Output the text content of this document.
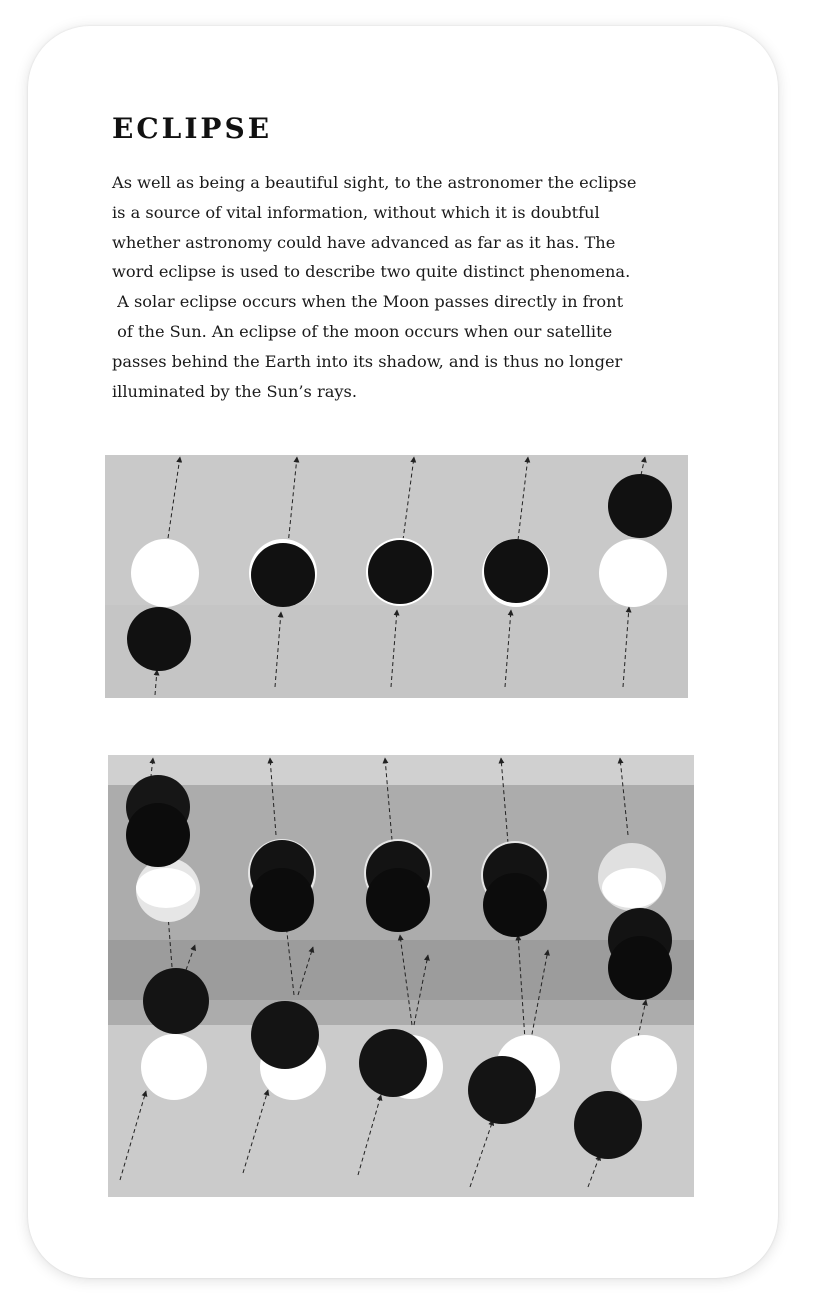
ECLIPSE
As well as being a beautiful sight, to the astronomer the eclipse
is a source of vital information, without which it is doubtful
whether astronomy could have advanced as far as it has. The
word eclipse is used to describe two quite distinct phenomena.
A solar eclipse occurs when the Moon passes directly in front
of the Sun. An eclipse of the moon occurs when our satellite
passes behind the Earth into its shadow, and is thus no longer
illuminated by the Sun’s rays.
